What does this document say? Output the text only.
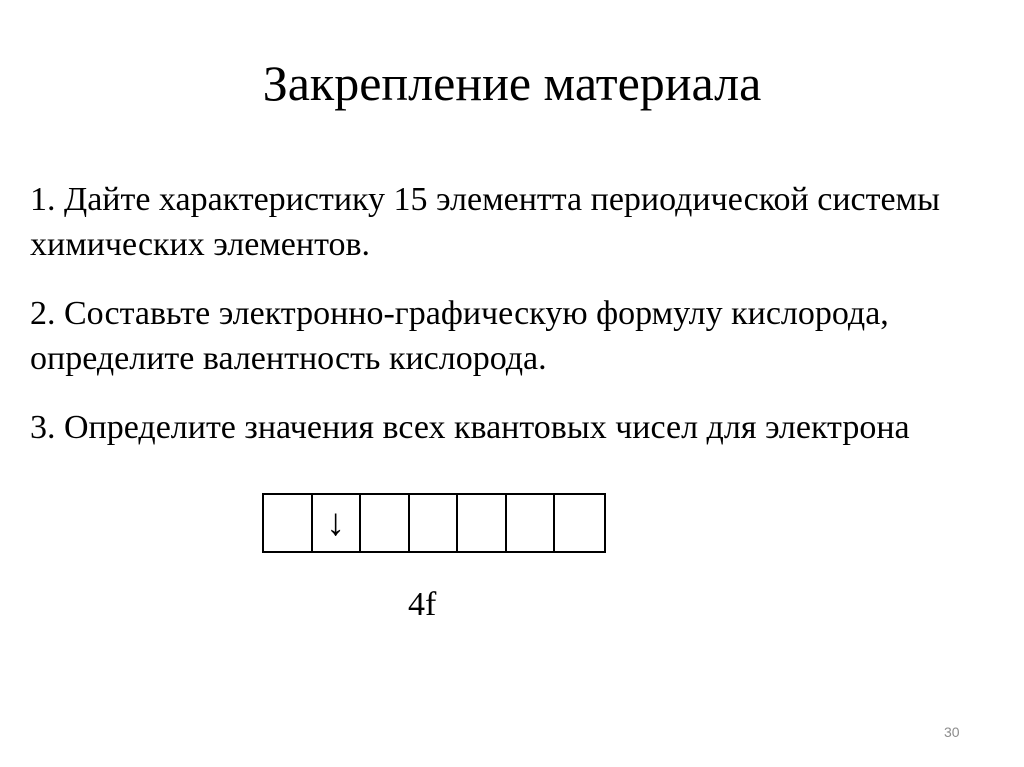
Закрепление материала

1. Дайте характеристику 15 элементта периодической системы химических элементов.

2. Составьте электронно-графическую формулу кислорода, определите валентность кислорода.

3. Определите значения всех квантовых чисел для электрона

↓
4f
30
